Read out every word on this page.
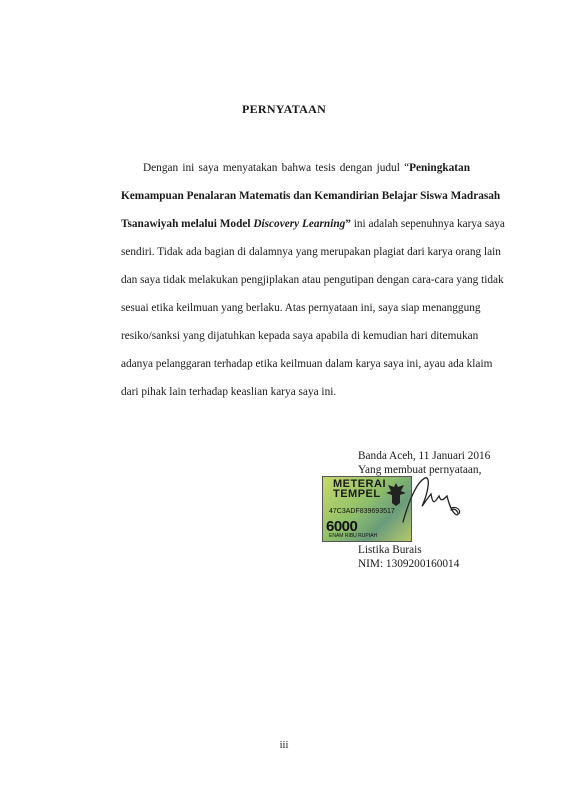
PERNYATAAN
Dengan ini saya menyatakan bahwa tesis dengan judul “Peningkatan
Kemampuan Penalaran Matematis dan Kemandirian Belajar Siswa Madrasah
Tsanawiyah melalui Model Discovery Learning” ini adalah sepenuhnya karya saya
sendiri. Tidak ada bagian di dalamnya yang merupakan plagiat dari karya orang lain
dan saya tidak melakukan pengjiplakan atau pengutipan dengan cara-cara yang tidak
sesuai etika keilmuan yang berlaku. Atas pernyataan ini, saya siap menanggung
resiko/sanksi yang dijatuhkan kepada saya apabila di kemudian hari ditemukan
adanya pelanggaran terhadap etika keilmuan dalam karya saya ini, ayau ada klaim
dari pihak lain terhadap keaslian karya saya ini.
Banda Aceh, 11 Januari 2016
Yang membuat pernyataan,
METERAI
TEMPEL
47C3ADF839693517
6000
ENAM RIBU RUPIAH
Listika Burais
NIM: 1309200160014
iii
